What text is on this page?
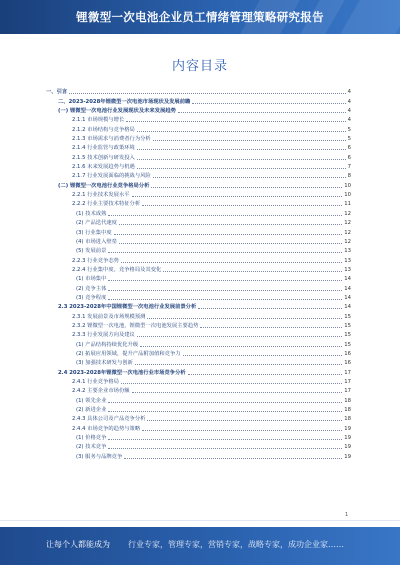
锂微型一次电池企业员工情绪管理策略研究报告
内容目录
一、引言	4
二、2023-2028年锂微型一次电池市场现状及发展前瞻	4
(一) 锂微型一次电池行业发展现状及未来发展趋势	4
2.1.1 市场规模与增长	4
2.1.2 市场结构与竞争格局	5
2.1.3 市场需求与消费者行为分析	5
2.1.4 行业监管与政策环境	6
2.1.5 技术创新与研发投入	6
2.1.6 未来发展趋势与机遇	7
2.1.7 行业发展面临的挑战与风险	8
(二) 锂微型一次电池行业竞争格局分析	10
2.2.1 行业技术发展水平	10
2.2.2 行业主要技术特征分析	11
(1) 技术成熟	12
(2) 产品迭代速度	12
(3) 行业集中度	12
(4) 市场进入壁垒	12
(5) 发展前景	13
2.2.3 行业竞争态势	13
2.2.4 行业集中度、竞争格局及其变化	13
(1) 市场集中	14
(2) 竞争主体	14
(3) 竞争程度	14
2.3 2023-2028年中国锂微型一次电池行业发展前景分析	14
2.3.1 发展前景及市场规模预测	15
2.3.2 锂微型一次电池，锂微型一次电池发展主要趋势	15
2.3.3 行业发展方向及建议	15
(1) 产品结构持续优化升级	15
(2) 拓展应用领域，提升产品附加值和竞争力	16
(3) 加强技术研发与创新	16
2.4 2023-2028年锂微型一次电池行业市场竞争分析	17
2.4.1 行业竞争格局	17
2.4.2 主要企业市场份额	17
(1) 领先企业	18
(2) 新进企业	18
2.4.3 具体公司及产品竞争分析	18
2.4.4 市场竞争的趋势与策略	19
(1) 价格竞争	19
(2) 技术竞争	19
(3) 服务与品牌竞争	19
1
让每个人都能成为 行业专家，管理专家，营销专家，战略专家，成功企业家……
